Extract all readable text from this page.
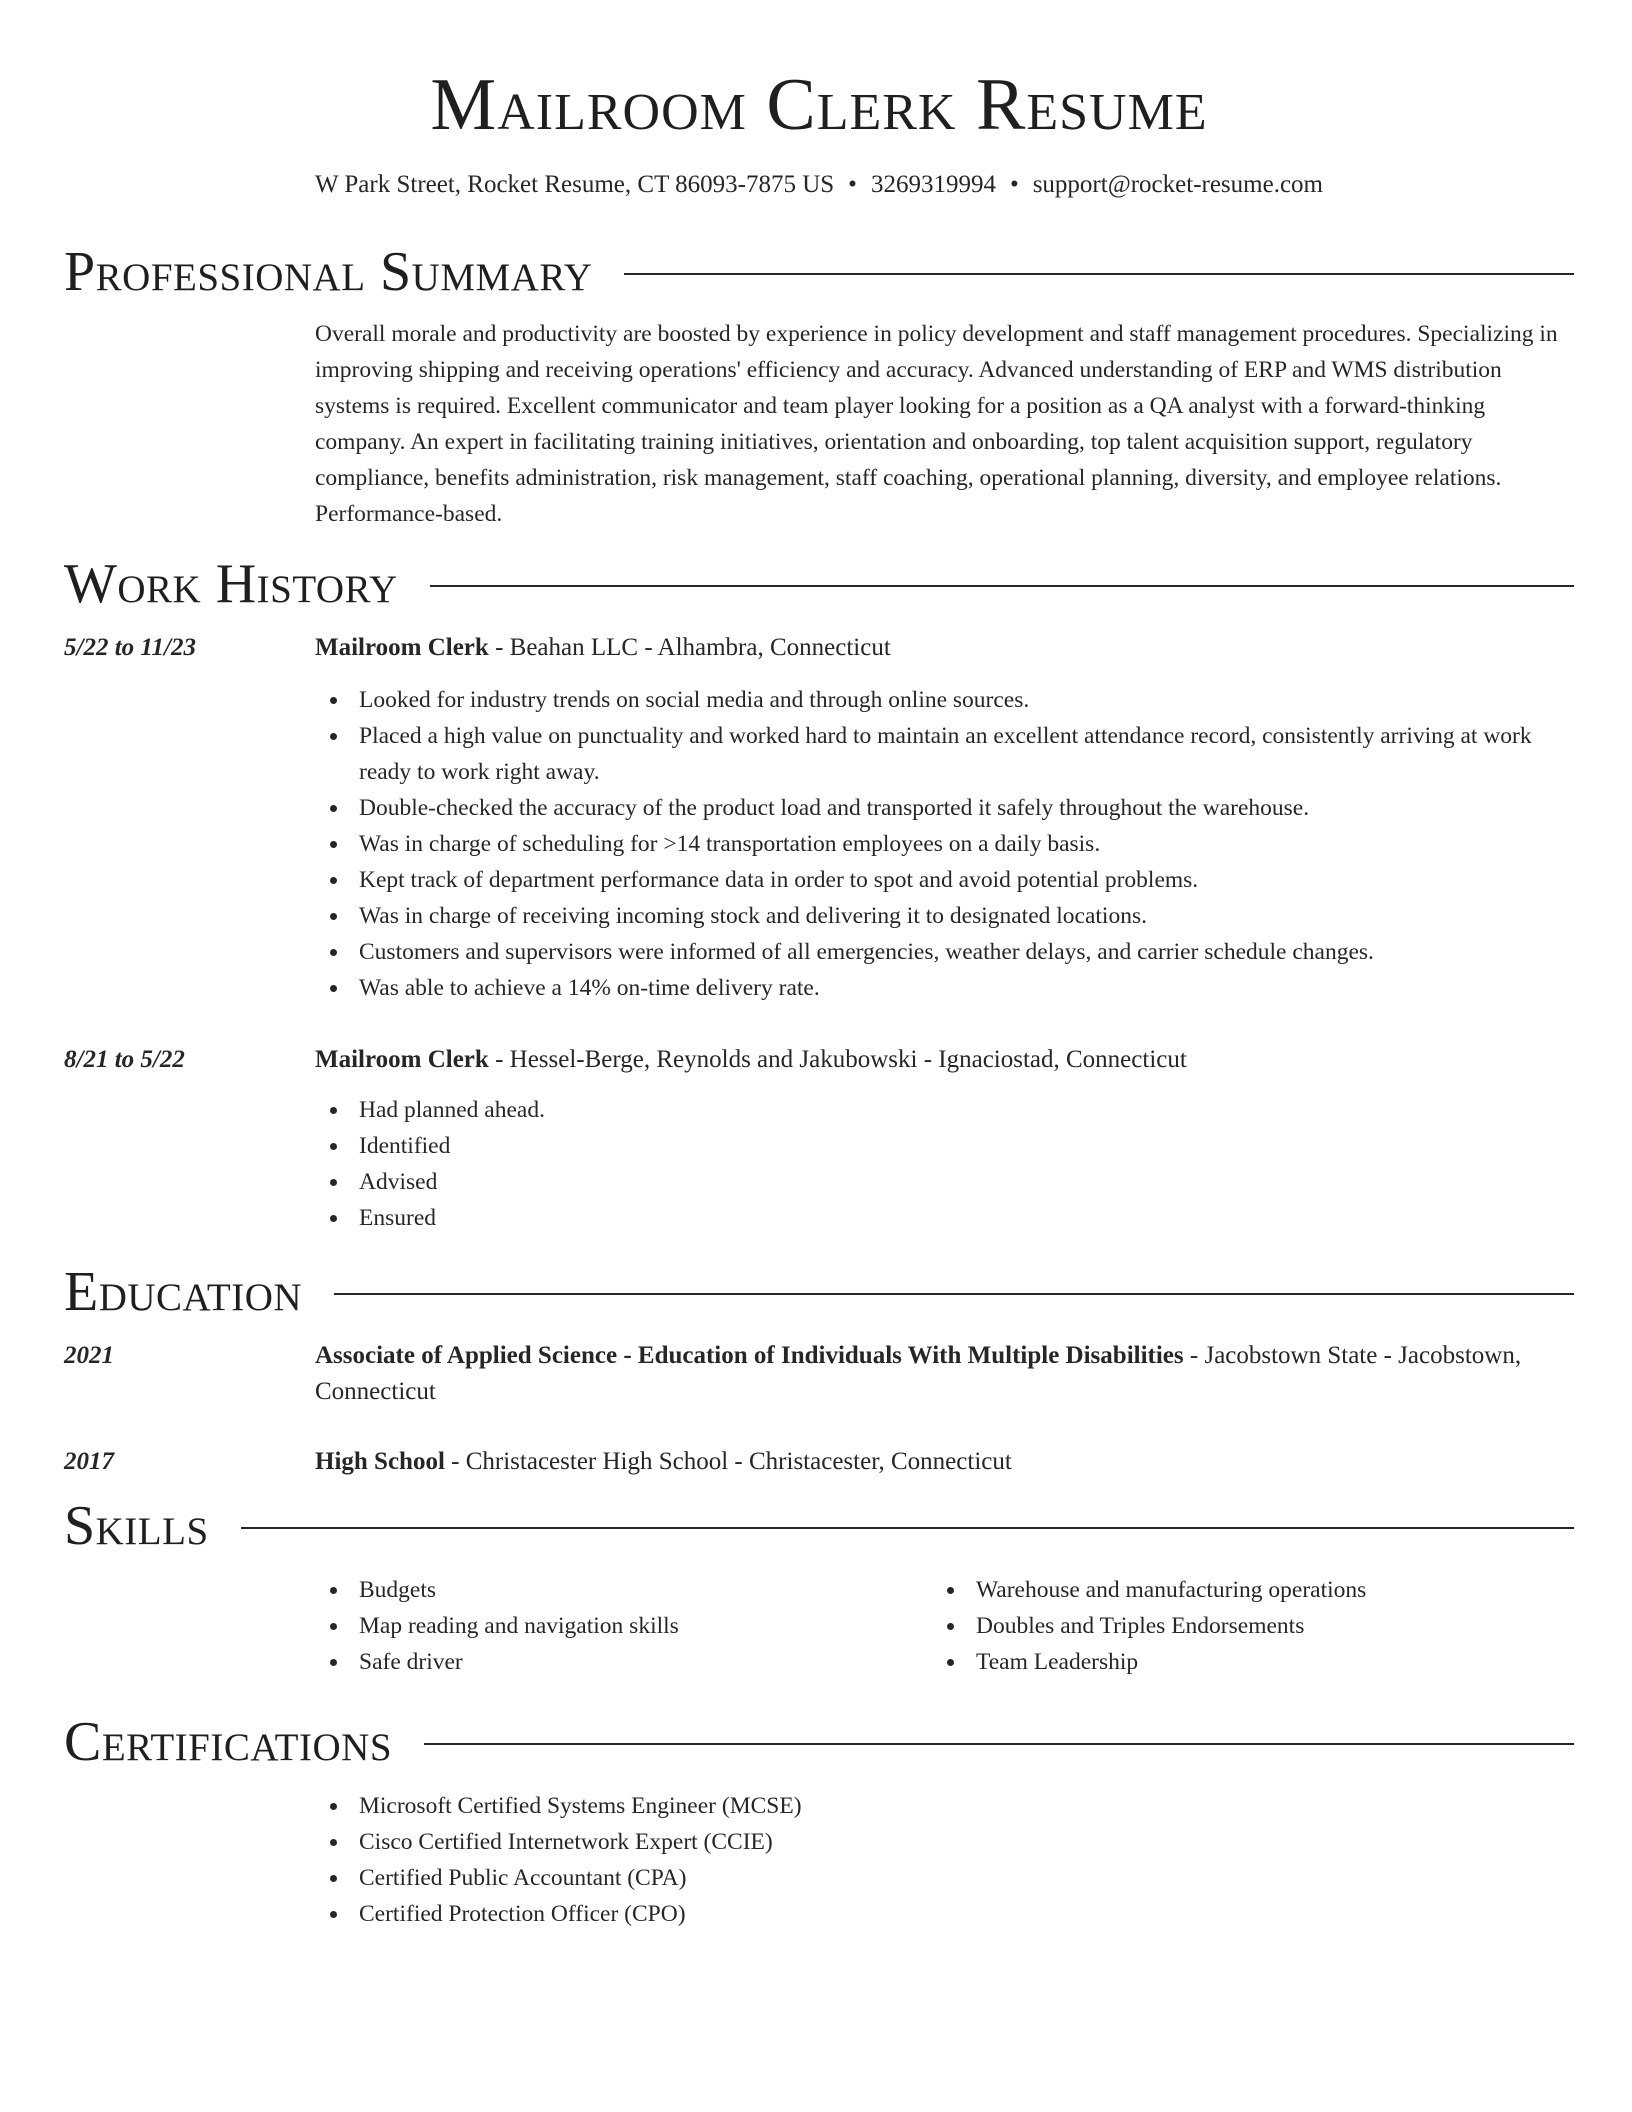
Mailroom Clerk Resume
W Park Street, Rocket Resume, CT 86093-7875 US • 3269319994 • support@rocket-resume.com
Professional Summary
Overall morale and productivity are boosted by experience in policy development and staff management procedures. Specializing in improving shipping and receiving operations' efficiency and accuracy. Advanced understanding of ERP and WMS distribution systems is required. Excellent communicator and team player looking for a position as a QA analyst with a forward-thinking company. An expert in facilitating training initiatives, orientation and onboarding, top talent acquisition support, regulatory compliance, benefits administration, risk management, staff coaching, operational planning, diversity, and employee relations. Performance-based.
Work History
5/22 to 11/23	Mailroom Clerk - Beahan LLC - Alhambra, Connecticut
Looked for industry trends on social media and through online sources.
Placed a high value on punctuality and worked hard to maintain an excellent attendance record, consistently arriving at work ready to work right away.
Double-checked the accuracy of the product load and transported it safely throughout the warehouse.
Was in charge of scheduling for >14 transportation employees on a daily basis.
Kept track of department performance data in order to spot and avoid potential problems.
Was in charge of receiving incoming stock and delivering it to designated locations.
Customers and supervisors were informed of all emergencies, weather delays, and carrier schedule changes.
Was able to achieve a 14% on-time delivery rate.
8/21 to 5/22	Mailroom Clerk - Hessel-Berge, Reynolds and Jakubowski - Ignaciostad, Connecticut
Had planned ahead.
Identified
Advised
Ensured
Education
2021	Associate of Applied Science - Education of Individuals With Multiple Disabilities - Jacobstown State - Jacobstown, Connecticut
2017	High School - Christacester High School - Christacester, Connecticut
Skills
Budgets
Map reading and navigation skills
Safe driver
Warehouse and manufacturing operations
Doubles and Triples Endorsements
Team Leadership
Certifications
Microsoft Certified Systems Engineer (MCSE)
Cisco Certified Internetwork Expert (CCIE)
Certified Public Accountant (CPA)
Certified Protection Officer (CPO)
